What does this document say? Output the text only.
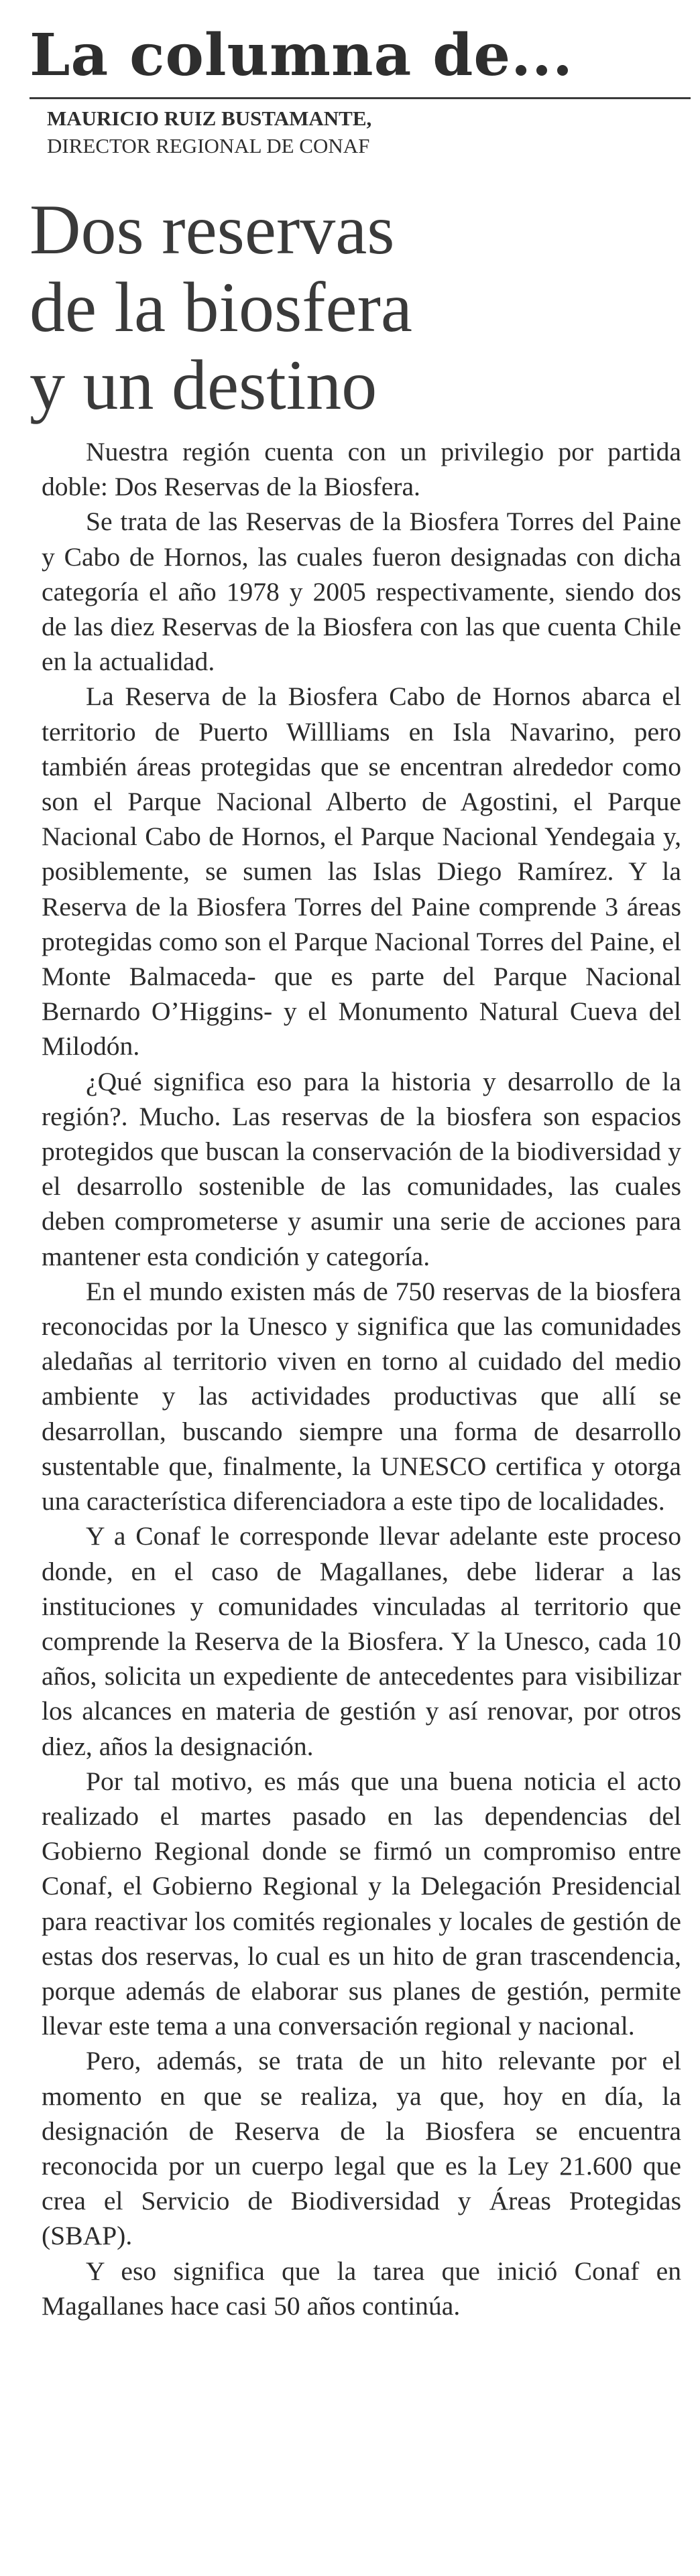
La columna de...
MAURICIO RUIZ BUSTAMANTE,
DIRECTOR REGIONAL DE CONAF
Dos reservas
de la biosfera
y un destino

Nuestra región cuenta con un privilegio por partida doble: Dos Reservas de la Biosfera.

Se trata de las Reservas de la Biosfera Torres del Paine y Cabo de Hornos, las cuales fueron designadas con dicha categoría el año 1978 y 2005 respectivamente, siendo dos de las diez Reservas de la Biosfera con las que cuenta Chile en la actualidad.

La Reserva de la Biosfera Cabo de Hornos abarca el territorio de Puerto Willliams en Isla Navarino, pero también áreas protegidas que se encentran alrededor como son el Parque Nacional Alberto de Agostini, el Parque Nacional Cabo de Hornos, el Parque Nacional Yendegaia y, posiblemente, se sumen las Islas Diego Ramírez. Y la Reserva de la Biosfera Torres del Paine comprende 3 áreas protegidas como son el Parque Nacional Torres del Paine, el Monte Balmaceda- que es parte del Parque Nacional Bernardo O’Higgins- y el Monumento Natural Cueva del Milodón.

¿Qué significa eso para la historia y desarrollo de la región?. Mucho. Las reservas de la biosfera son espacios protegidos que buscan la conservación de la biodiversidad y el desarrollo sostenible de las comunidades, las cuales deben comprometerse y asumir una serie de acciones para mantener esta condición y categoría.

En el mundo existen más de 750 reservas de la biosfera reconocidas por la Unesco y significa que las comunidades aledañas al territorio viven en torno al cuidado del medio ambiente y las actividades productivas que allí se desarrollan, buscando siempre una forma de desarrollo sustentable que, finalmente, la UNESCO certifica y otorga una característica diferenciadora a este tipo de localidades.

Y a Conaf le corresponde llevar adelante este proceso donde, en el caso de Magallanes, debe liderar a las instituciones y comunidades vinculadas al territorio que comprende la Reserva de la Biosfera. Y la Unesco, cada 10 años, solicita un expediente de antecedentes para visibilizar los alcances en materia de gestión y así renovar, por otros diez, años la designación.

Por tal motivo, es más que una buena noticia el acto realizado el martes pasado en las dependencias del Gobierno Regional donde se firmó un compromiso entre Conaf, el Gobierno Regional y la Delegación Presidencial para reactivar los comités regionales y locales de gestión de estas dos reservas, lo cual es un hito de gran trascendencia, porque además de elaborar sus planes de gestión, permite llevar este tema a una conversación regional y nacional.

Pero, además, se trata de un hito relevante por el momento en que se realiza, ya que, hoy en día, la designación de Reserva de la Biosfera se encuentra reconocida por un cuerpo legal que es la Ley 21.600 que crea el Servicio de Biodiversidad y Áreas Protegidas (SBAP).

Y eso significa que la tarea que inició Conaf en Magallanes hace casi 50 años continúa.
